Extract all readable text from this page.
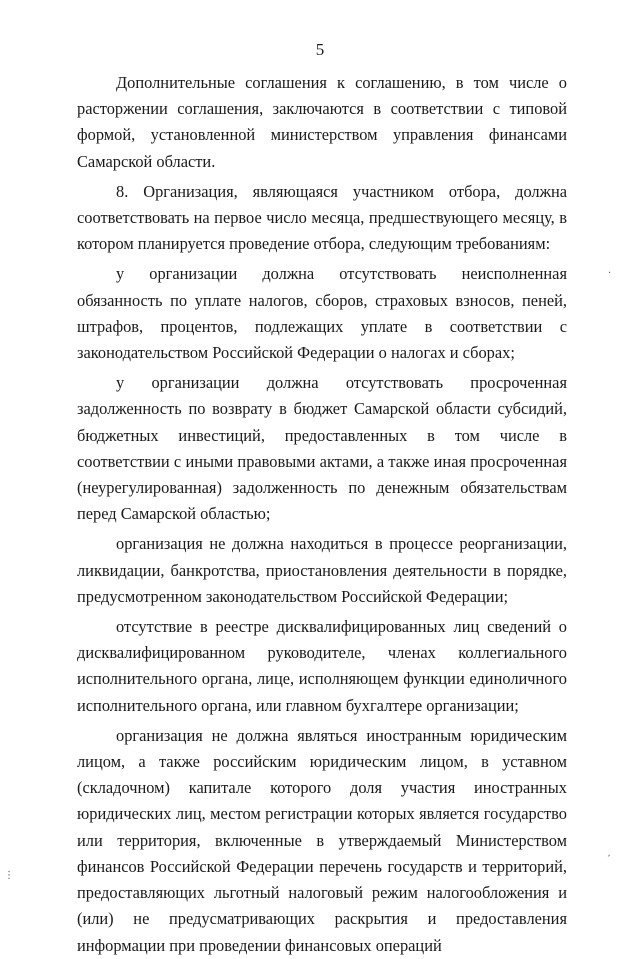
5

Дополнительные соглашения к соглашению, в том числе о расторжении соглашения, заключаются в соответствии с типовой формой, установленной министерством управления финансами Самарской области.

8. Организация, являющаяся участником отбора, должна соответствовать на первое число месяца, предшествующего месяцу, в котором планируется проведение отбора, следующим требованиям:

у организации должна отсутствовать неисполненная обязанность по уплате налогов, сборов, страховых взносов, пеней, штрафов, процентов, подлежащих уплате в соответствии с законодательством Российской Федерации о налогах и сборах;

у организации должна отсутствовать просроченная задолженность по возврату в бюджет Самарской области субсидий, бюджетных инвестиций, предоставленных в том числе в соответствии с иными правовыми актами, а также иная просроченная (неурегулированная) задолженность по денежным обязательствам перед Самарской областью;

организация не должна находиться в процессе реорганизации, ликвидации, банкротства, приостановления деятельности в порядке, предусмотренном законодательством Российской Федерации;

отсутствие в реестре дисквалифицированных лиц сведений о дисквалифицированном руководителе, членах коллегиального исполнительного органа, лице, исполняющем функции единоличного исполнительного органа, или главном бухгалтере организации;

организация не должна являться иностранным юридическим лицом, а также российским юридическим лицом, в уставном (складочном) капитале которого доля участия иностранных юридических лиц, местом регистрации которых является государство или территория, включенные в утверждаемый Министерством финансов Российской Федерации перечень государств и территорий, предоставляющих льготный налоговый режим налогообложения и (или) не предусматривающих раскрытия и предоставления информации при проведении финансовых операций

·
ˏ
⋮
